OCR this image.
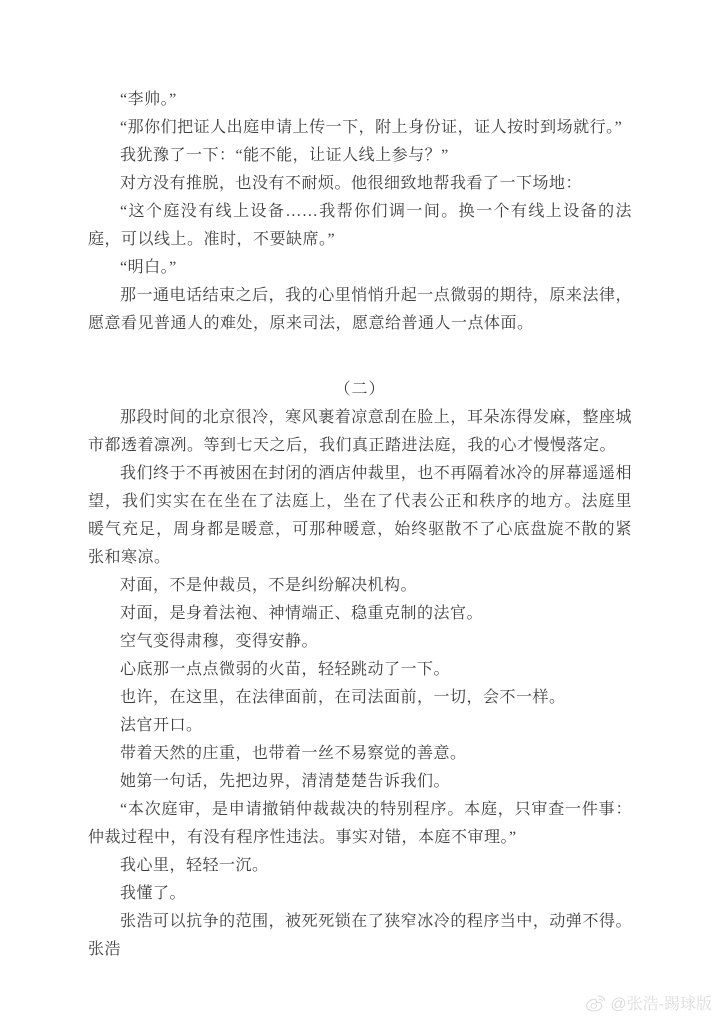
“李帅。”

“那你们把证人出庭申请上传一下，附上身份证，证人按时到场就行。”

我犹豫了一下：“能不能，让证人线上参与？”

对方没有推脱，也没有不耐烦。他很细致地帮我看了一下场地：

“这个庭没有线上设备……我帮你们调一间。换一个有线上设备的法庭，可以线上。准时，不要缺席。”

“明白。”

那一通电话结束之后，我的心里悄悄升起一点微弱的期待，原来法律，愿意看见普通人的难处，原来司法，愿意给普通人一点体面。

（二）

那段时间的北京很冷，寒风裹着凉意刮在脸上，耳朵冻得发麻，整座城市都透着凛冽。等到七天之后，我们真正踏进法庭，我的心才慢慢落定。

我们终于不再被困在封闭的酒店仲裁里，也不再隔着冰冷的屏幕遥遥相望，我们实实在在坐在了法庭上，坐在了代表公正和秩序的地方。法庭里暖气充足，周身都是暖意，可那种暖意，始终驱散不了心底盘旋不散的紧张和寒凉。

对面，不是仲裁员，不是纠纷解决机构。

对面，是身着法袍、神情端正、稳重克制的法官。

空气变得肃穆，变得安静。

心底那一点点微弱的火苗，轻轻跳动了一下。

也许，在这里，在法律面前，在司法面前，一切，会不一样。

法官开口。

带着天然的庄重，也带着一丝不易察觉的善意。

她第一句话，先把边界，清清楚楚告诉我们。

“本次庭审，是申请撤销仲裁裁决的特别程序。本庭，只审查一件事：仲裁过程中，有没有程序性违法。事实对错，本庭不审理。”

我心里，轻轻一沉。

我懂了。

张浩可以抗争的范围，被死死锁在了狭窄冰冷的程序当中，动弹不得。张浩

@张浩-踢球版
